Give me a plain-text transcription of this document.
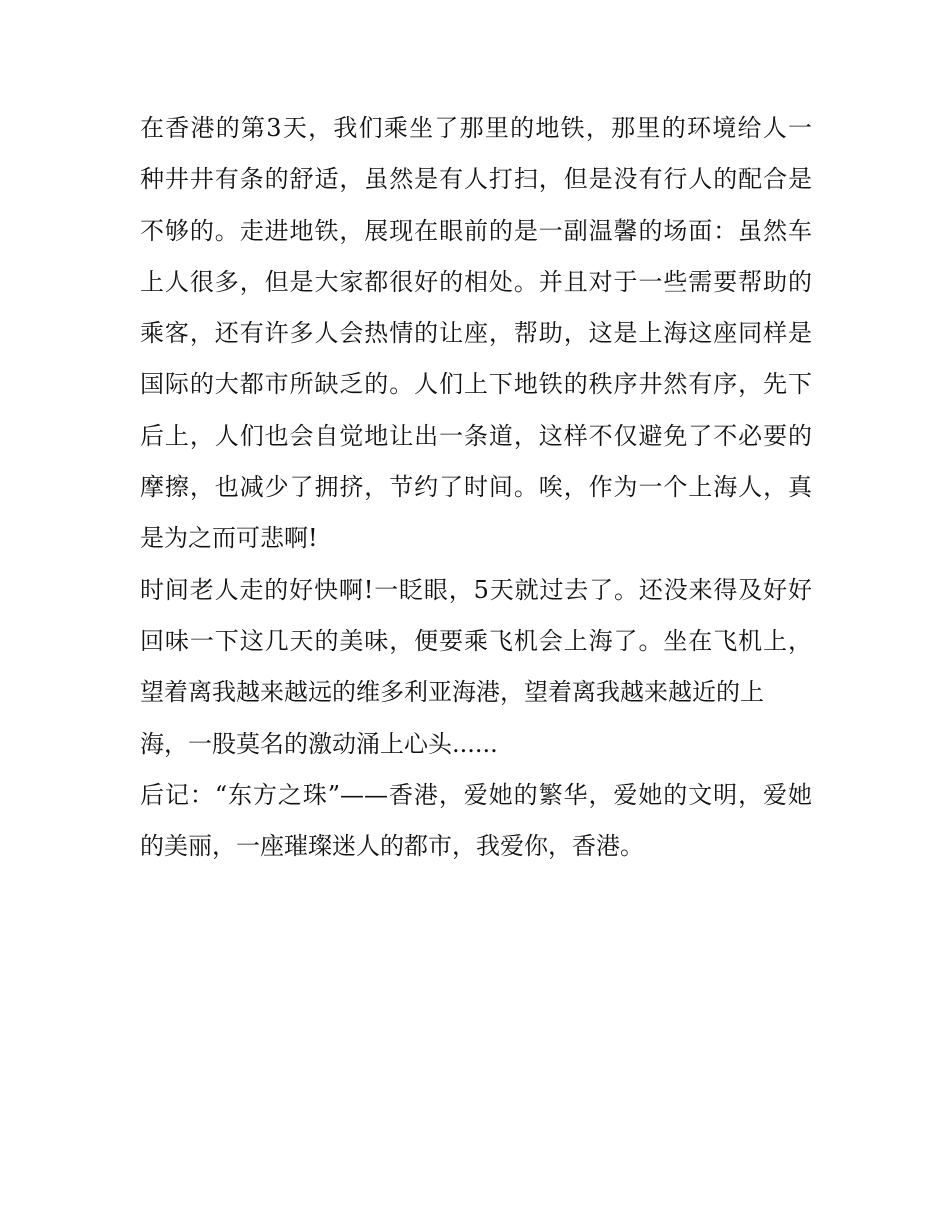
在香港的第3天，我们乘坐了那里的地铁，那里的环境给人一
种井井有条的舒适，虽然是有人打扫，但是没有行人的配合是
不够的。走进地铁，展现在眼前的是一副温馨的场面：虽然车
上人很多，但是大家都很好的相处。并且对于一些需要帮助的
乘客，还有许多人会热情的让座，帮助，这是上海这座同样是
国际的大都市所缺乏的。人们上下地铁的秩序井然有序，先下
后上，人们也会自觉地让出一条道，这样不仅避免了不必要的
摩擦，也减少了拥挤，节约了时间。唉，作为一个上海人，真
是为之而可悲啊!
时间老人走的好快啊!一眨眼，5天就过去了。还没来得及好好
回味一下这几天的美味，便要乘飞机会上海了。坐在飞机上，
望着离我越来越远的维多利亚海港，望着离我越来越近的上
海，一股莫名的激动涌上心头......
后记：“东方之珠”——香港，爱她的繁华，爱她的文明，爱她
的美丽，一座璀璨迷人的都市，我爱你，香港。
